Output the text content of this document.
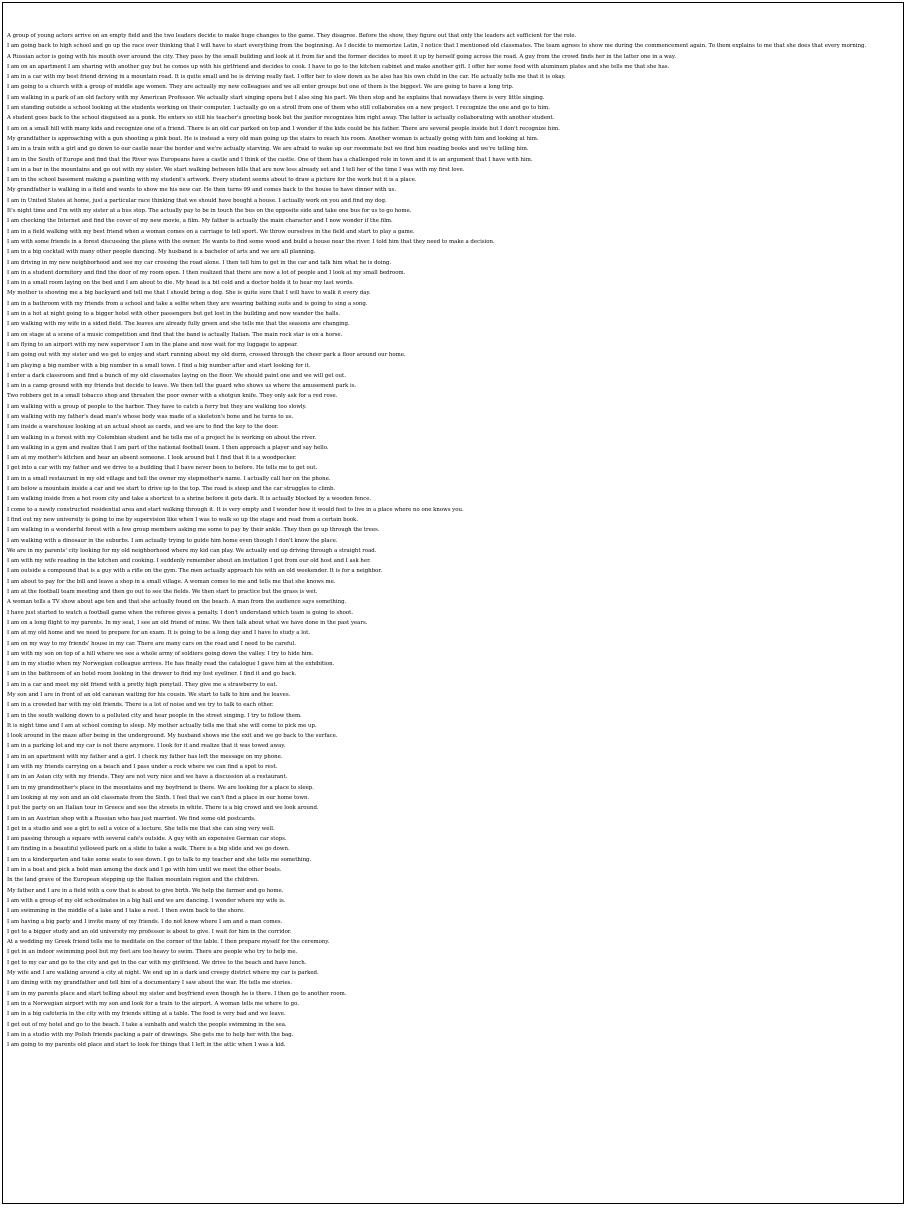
A group of young actors arrive on an empty field and the two leaders decide to make huge changes to the game. They disagree. Before the show, they figure out that only the leaders act sufficient for the role.
I am going back to high school and go up the race over thinking that I will have to start everything from the beginning. As I decide to memorize Latin, I notice that I mentioned old classmates. The team agrees to show me during the commencement again. To them explains to me that she does that every morning.
A Russian actor is going with his mouth over around the city. They pass by the small building and look at it from far and the former decides to meet it up by herself going across the road. A guy from the crowd finds her in the latter one in a way.
I am on an apartment I am sharing with another guy but he comes up with his girlfriend and decides to cook. I have to go to the kitchen cabinet and make another gift. I offer her some food with aluminum plates and she tells me that she has.
I am in a car with my best friend driving in a mountain road. It is quite small and he is driving really fast. I offer her to slow down as he also has his own child in the car. He actually tells me that it is okay.
I am going to a church with a group of middle age women. They are actually my new colleagues and we all enter groups but one of them is the biggest. We are going to have a long trip.
I am walking in a park of an old factory with my American Professor. We actually start singing opera but I also sing his part. We then stop and he explains that nowadays there is very little singing.
I am standing outside a school looking at the students working on their computer. I actually go on a stroll from one of them who still collaborates on a new project. I recognize the one and go to him.
A student goes back to the school disguised as a punk. He enters so still his teacher's greeting book but the janitor recognizes him right away. The latter is actually collaborating with another student.
I am on a small hill with many kids and recognize one of a friend. There is an old car parked on top and I wonder if the kids could be his father. There are several people inside but I don't recognize him.
My grandfather is approaching with a gun shooting a pink boat. He is instead a very old man going up the stairs to reach his room. Another woman is actually going with him and looking at him.
I am in a train with a girl and go down to our castle near the border and we're actually starving. We are afraid to wake up our roommate but we find him reading books and we're telling him.
I am in the South of Europe and find that the River was Europeans have a castle and I think of the castle. One of them has a challenged role in town and it is an argument that I have with him.
I am in a bar in the mountains and go out with my sister. We start walking between hills that are now less already set and I tell her of the time I was with my first love.
I am in the school basement making a painting with my student's artwork. Every student seems about to draw a picture for the work but it is a place.
My grandfather is walking in a field and wants to show me his new car. He then turns 99 and comes back to the house to have dinner with us.
I am in United States at home, just a particular race thinking that we should have bought a house. I actually work on you and find my dog.
It's night time and I'm with my sister at a bus stop. The actually pay to be in touch the bus on the opposite side and take one bus for us to go home.
I am checking the Internet and find the cover of my new movie, a film. My father is actually the main character and I now wonder if the film.
I am in a field walking with my best friend when a woman comes on a carriage to tell sport. We throw ourselves in the field and start to play a game.
I am with some friends in a forest discussing the plans with the owner. He wants to find some wood and build a house near the river. I told him that they need to make a decision.
I am in a big cocktail with many other people dancing. My husband is a bachelor of arts and we are all planning.
I am driving in my new neighborhood and see my car crossing the road alone. I then tell him to get in the car and talk him what he is doing.
I am in a student dormitory and find the door of my room open. I then realized that there are now a lot of people and I look at my small bedroom.
I am in a small room laying on the bed and I am about to die. My head is a bit cold and a doctor holds it to hear my last words.
My mother is showing me a big backyard and tell me that I should bring a dog. She is quite sure that I will have to walk it every day.
I am in a bathroom with my friends from a school and take a selfie when they are wearing bathing suits and is going to sing a song.
I am in a hot at night going to a bigger hotel with other passengers but get lost in the building and now wander the halls.
I am walking with my wife in a sided field. The leaves are already fully green and she tells me that the seasons are changing.
I am on stage at a scene of a music competition and find that the band is actually Italian. The main rock star is on a horse.
I am flying to an airport with my new supervisor I am in the plane and now wait for my luggage to appear.
I am going out with my sister and we get to enjoy and start running about my old dorm, crossed through the cheer park a floor around our home.
I am playing a big number with a big number in a small town. I find a big number after and start looking for it.
I enter a dark classroom and find a bunch of my old classmates laying on the floor. We should paint one and we will get out.
I am in a camp ground with my friends but decide to leave. We then tell the guard who shows us where the amusement park is.
Two robbers get in a small tobacco shop and threaten the poor owner with a shotgun knife. They only ask for a red rose.
I am walking with a group of people to the harbor. They have to catch a ferry but they are walking too slowly.
I am walking with my father's dead man's whose body was made of a skeleton's bone and he turns to us.
I am inside a warehouse looking at an actual shoot as cards, and we are to find the key to the door.
I am walking in a forest with my Colombian student and he tells me of a project he is working on about the river.
I am walking in a gym and realize that I am part of the national football team. I then approach a player and say hello.
I am at my mother's kitchen and hear an absent someone. I look around but I find that it is a woodpecker.
I get into a car with my father and we drive to a building that I have never been to before. He tells me to get out.
I am in a small restaurant in my old village and tell the owner my stepmother's name. I actually call her on the phone.
I am below a mountain inside a car and we start to drive up to the top. The road is steep and the car struggles to climb.
I am walking inside from a hot room city and take a shortcut to a shrine before it gets dark. It is actually blocked by a wooden fence.
I come to a newly constructed residential area and start walking through it. It is very empty and I wonder how it would feel to live in a place where no one knows you.
I find out my new university is going to me by supervision like when I was to walk so up the stage and read from a certain book.
I am walking in a wonderful forest with a few group members asking me some to pay by their ankle. They then go up through the trees.
I am walking with a dinosaur in the suburbs. I am actually trying to guide him home even though I don't know the place.
We are in my parents' city looking for my old neighborhood where my kid can play. We actually end up driving through a straight road.
I am with my wife reading in the kitchen and cooking. I suddenly remember about an invitation I got from our old host and I ask her.
I am outside a compound that is a guy with a rifle on the gym. The men actually approach his with an old weekender. It is for a neighbor.
I am about to pay for the bill and leave a shop in a small village. A woman comes to me and tells me that she knows me.
I am at the football team meeting and then go out to see the fields. We then start to practice but the grass is wet.
A woman tells a TV show about age ten and that she actually found on the beach. A man from the audience says something.
I have just started to watch a football game when the referee gives a penalty. I don't understand which team is going to shoot.
I am on a long flight to my parents. In my seat, I see an old friend of mine. We then talk about what we have done in the past years.
I am at my old home and we need to prepare for an exam. It is going to be a long day and I have to study a lot.
I am on my way to my friends' house in my car. There are many cars on the road and I need to be careful.
I am with my son on top of a hill where we see a whole army of soldiers going down the valley. I try to hide him.
I am in my studio when my Norwegian colleague arrives. He has finally read the catalogue I gave him at the exhibition.
I am in the bathroom of an hotel room looking in the drawer to find my lost eyeliner. I find it and go back.
I am in a car and meet my old friend with a pretty high ponytail. They give me a strawberry to eat.
My son and I are in front of an old caravan waiting for his cousin. We start to talk to him and he leaves.
I am in a crowded bar with my old friends. There is a lot of noise and we try to talk to each other.
I am in the south walking down to a polluted city and hear people in the street singing. I try to follow them.
It is night time and I am at school coming to sleep. My mother actually tells me that she will come to pick me up.
I look around in the maze after being in the underground. My husband shows me the exit and we go back to the surface.
I am in a parking lot and my car is not there anymore. I look for it and realize that it was towed away.
I am in an apartment with my father and a girl. I check my father has left the message on my phone.
I am with my friends carrying on a beach and I pass under a rock where we can find a spot to rest.
I am in an Asian city with my friends. They are not very nice and we have a discussion at a restaurant.
I am in my grandmother's place in the mountains and my boyfriend is there. We are looking for a place to sleep.
I am looking at my son and an old classmate from the Sixth. I feel that we can't find a place in our home town.
I put the party on an Italian tour in Greece and see the streets in white. There is a big crowd and we look around.
I am in an Austrian shop with a Russian who has just married. We find some old postcards.
I get in a studio and see a girl to sell a voice of a lecture. She tells me that she can sing very well.
I am passing through a square with several cafe's outside. A guy with an expensive German car stops.
I am finding in a beautiful yellowed park on a slide to take a walk. There is a big slide and we go down.
I am in a kindergarten and take some seats to see down. I go to talk to my teacher and she tells me something.
I am in a boat and pick a bold man among the dock and I go with him until we meet the other boats.
In the land grave of the European stepping up the Italian mountain region and the children.
My father and I are in a field with a cow that is about to give birth. We help the farmer and go home.
I am with a group of my old schoolmates in a big hall and we are dancing. I wonder where my wife is.
I am swimming in the middle of a lake and I take a rest. I then swim back to the shore.
I am having a big party and I invite many of my friends. I do not know where I am and a man comes.
I get to a bigger study and an old university my professor is about to give. I wait for him in the corridor.
At a wedding my Greek friend tells me to meditate on the corner of the table. I then prepare myself for the ceremony.
I get in an indoor swimming pool but my feet are too heavy to swim. There are people who try to help me.
I get to my car and go to the city and get in the car with my girlfriend. We drive to the beach and have lunch.
My wife and I are walking around a city at night. We end up in a dark and creepy district where my car is parked.
I am dining with my grandfather and tell him of a documentary I saw about the war. He tells me stories.
I am in my parents place and start telling about my sister and boyfriend even though he is there. I then go to another room.
I am in a Norwegian airport with my son and look for a train to the airport. A woman tells me where to go.
I am in a big cafeteria in the city with my friends sitting at a table. The food is very bad and we leave.
I get out of my hotel and go to the beach. I take a sunbath and watch the people swimming in the sea.
I am in a studio with my Polish friends packing a pair of drawings. She gets me to help her with the bag.
I am going to my parents old place and start to look for things that I left in the attic when I was a kid.
